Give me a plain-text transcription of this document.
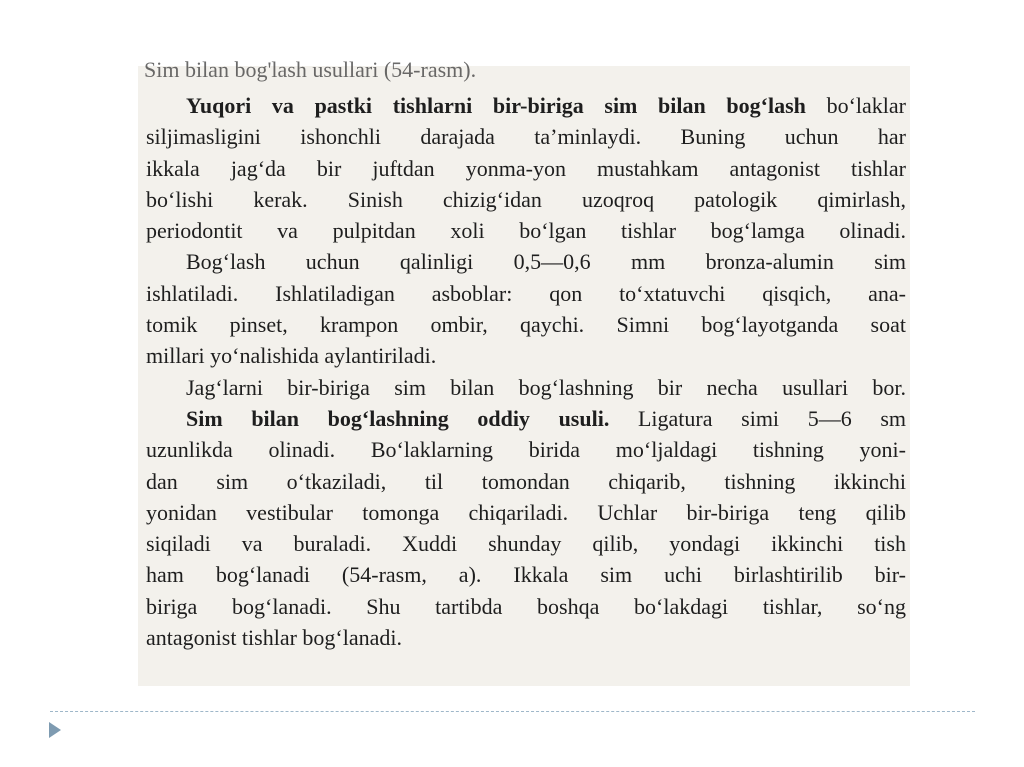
Sim bilan bog'lash usullari (54-rasm).
Yuqori va pastki tishlarni bir-biriga sim bilan bog‘lash bo‘laklar
siljimasligini ishonchli darajada ta’minlaydi. Buning uchun har
ikkala jag‘da bir juftdan yonma-yon mustahkam antagonist tishlar
bo‘lishi kerak. Sinish chizig‘idan uzoqroq patologik qimirlash,
periodontit va pulpitdan xoli bo‘lgan tishlar bog‘lamga olinadi.
Bog‘lash uchun qalinligi 0,5—0,6 mm bronza-alumin sim
ishlatiladi. Ishlatiladigan asboblar: qon to‘xtatuvchi qisqich, ana-
tomik pinset, krampon ombir, qaychi. Simni bog‘layotganda soat
millari yo‘nalishida aylantiriladi.
Jag‘larni bir-biriga sim bilan bog‘lashning bir necha usullari bor.
Sim bilan bog‘lashning oddiy usuli. Ligatura simi 5—6 sm
uzunlikda olinadi. Bo‘laklarning birida mo‘ljaldagi tishning yoni-
dan sim o‘tkaziladi, til tomondan chiqarib, tishning ikkinchi
yonidan vestibular tomonga chiqariladi. Uchlar bir-biriga teng qilib
siqiladi va buraladi. Xuddi shunday qilib, yondagi ikkinchi tish
ham bog‘lanadi (54-rasm, a). Ikkala sim uchi birlashtirilib bir-
biriga bog‘lanadi. Shu tartibda boshqa bo‘lakdagi tishlar, so‘ng
antagonist tishlar bog‘lanadi.
